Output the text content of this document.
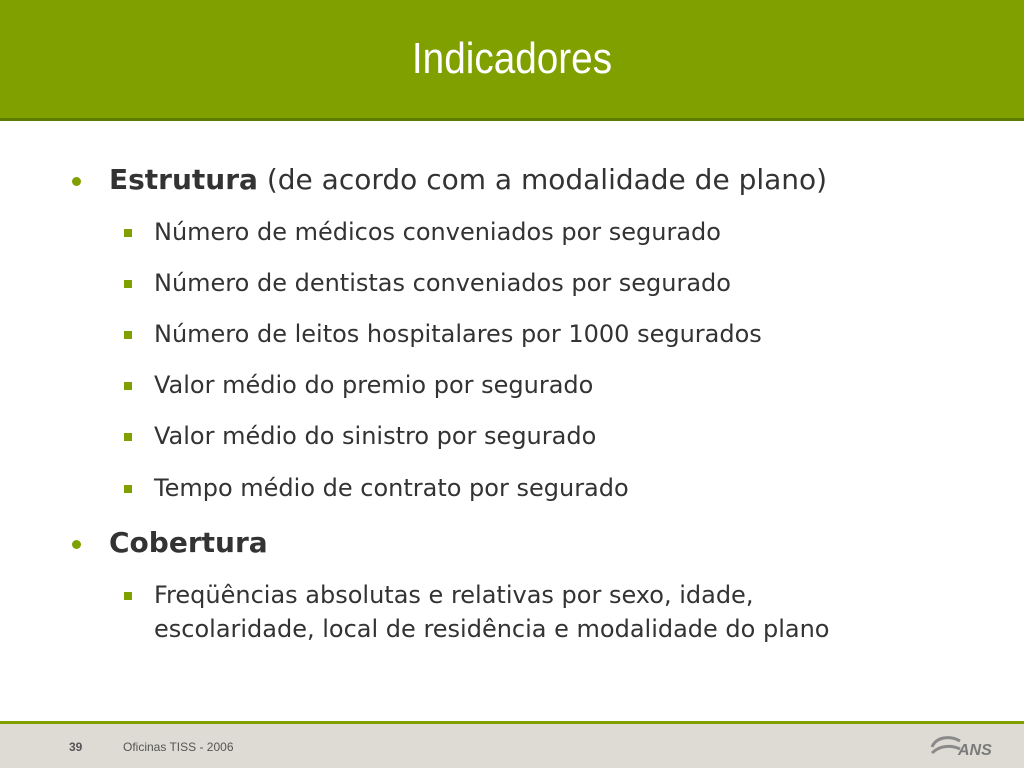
Indicadores
Estrutura (de acordo com a modalidade de plano)
Número de médicos conveniados por segurado
Número de dentistas conveniados por segurado
Número de leitos hospitalares por 1000 segurados
Valor médio do premio por segurado
Valor médio do sinistro por segurado
Tempo médio de contrato por segurado
Cobertura
Freqüências absolutas e relativas por sexo, idade,
escolaridade, local de residência e modalidade do plano
39	Oficinas TISS - 2006	ANS
